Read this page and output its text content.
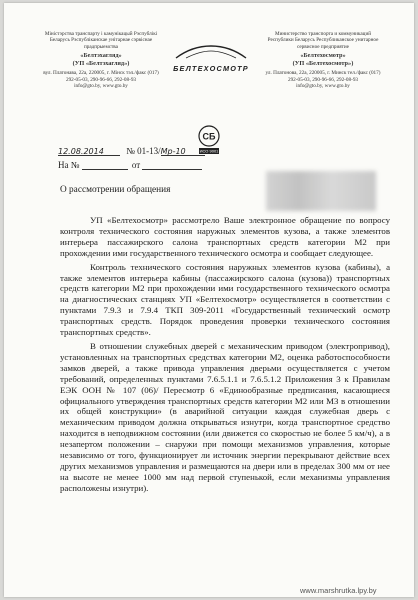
Міністэрства транспарту і камунікацый Рэспублікі Беларусь Рэспубліканскае унітарнае сэрвіснае прадпрыемства
«Белтэхагляд»
(УП «Белтэхагляд»)
вул. Платонава, 22а, 220005, г. Мінск тэл./факс (017) 292-05-03, 290-96-66, 292-08-93
info@gto.by, www.gto.by
БЕЛТЕХОСМОТР
Министерство транспорта и коммуникаций Республики Беларусь Республиканское унитарное сервисное предприятие
«Белтехосмотр»
(УП «Белтехосмотр»)
ул. Платонова, 22а, 220005, г. Минск тел./факс (017) 292-05-03, 290-96-66, 292-08-93
info@gto.by, www.gto.by
СБ
ИСО 9001
12.08.2014 № 01-13/Мр-10
На №	от
О рассмотрении обращения

УП «Белтехосмотр» рассмотрело Ваше электронное обращение по вопросу контроля технического состояния наружных элементов кузова, а также элементов интерьера пассажирского салона транспортных средств категории М2 при прохождении ими государственного технического осмотра и сообщает следующее.

Контроль технического состояния наружных элементов кузова (кабины), а также элементов интерьера кабины (пассажирского салона (кузова)) транспортных средств категории М2 при прохождении ими государственного технического осмотра на диагностических станциях УП «Белтехосмотр» осуществляется в соответствии с пунктами 7.9.3 и 7.9.4 ТКП 309-2011 «Государственный технический осмотр транспортных средств. Порядок проведения проверки технического состояния транспортных средств».

В отношении служебных дверей с механическим приводом (электропривод), установленных на транспортных средствах категории М2, оценка работоспособности замков дверей, а также привода управления дверьми осуществляется с учетом требований, определенных пунктами 7.6.5.1.1 и 7.6.5.1.2 Приложения 3 к Правилам ЕЭК ООН № 107 (06)/ Пересмотр 6 «Единообразные предписания, касающиеся официального утверждения транспортных средств категории М2 или М3 в отношении их общей конструкции» (в аварийной ситуации каждая служебная дверь с механическим приводом должна открываться изнутри, когда транспортное средство находится в неподвижном состоянии (или движется со скоростью не более 5 км/ч), а в незапертом положении – снаружи при помощи механизмов управления, которые независимо от того, функционирует ли источник энергии перекрывают действие всех других механизмов управления и размещаются на двери или в пределах 300 мм от нее на высоте не менее 1000 мм над первой ступенькой, если механизмы управления расположены изнутри).

www.marshrutka.lpy.by
